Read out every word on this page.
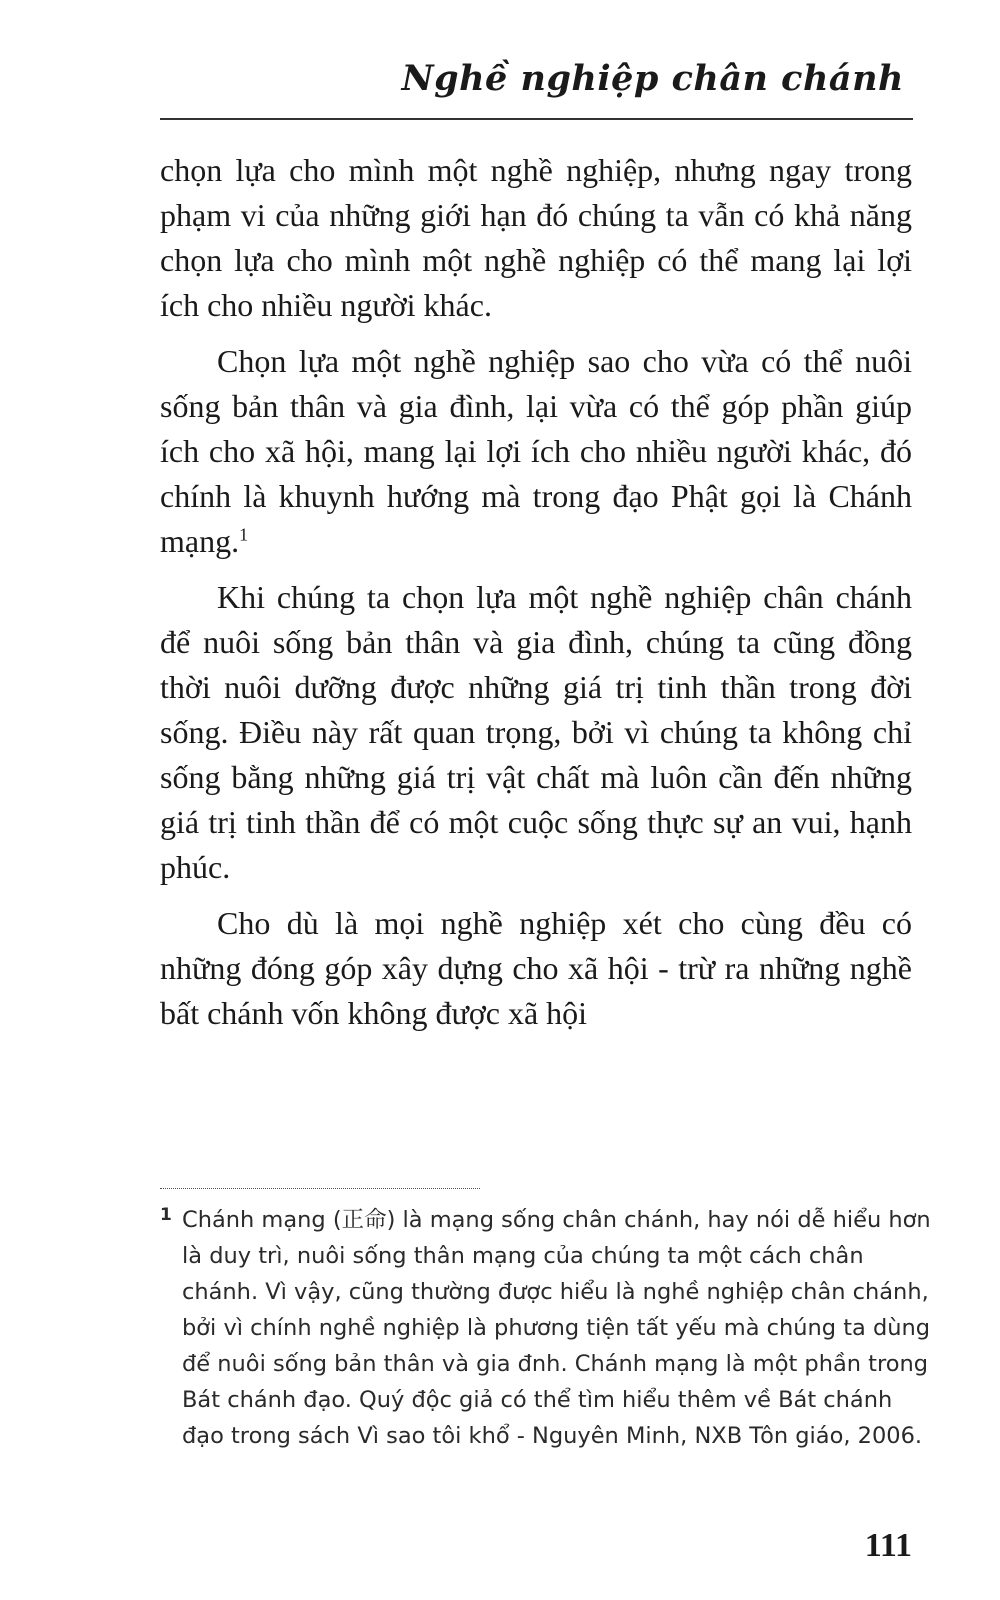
Nghề nghiệp chân chánh

chọn lựa cho mình một nghề nghiệp, nhưng ngay trong phạm vi của những giới hạn đó chúng ta vẫn có khả năng chọn lựa cho mình một nghề nghiệp có thể mang lại lợi ích cho nhiều người khác.

Chọn lựa một nghề nghiệp sao cho vừa có thể nuôi sống bản thân và gia đình, lại vừa có thể góp phần giúp ích cho xã hội, mang lại lợi ích cho nhiều người khác, đó chính là khuynh hướng mà trong đạo Phật gọi là Chánh mạng.$^1$

Khi chúng ta chọn lựa một nghề nghiệp chân chánh để nuôi sống bản thân và gia đình, chúng ta cũng đồng thời nuôi dưỡng được những giá trị tinh thần trong đời sống. Điều này rất quan trọng, bởi vì chúng ta không chỉ sống bằng những giá trị vật chất mà luôn cần đến những giá trị tinh thần để có một cuộc sống thực sự an vui, hạnh phúc.

Cho dù là mọi nghề nghiệp xét cho cùng đều có những đóng góp xây dựng cho xã hội - trừ ra những nghề bất chánh vốn không được xã hội

1 Chánh mạng (正命) là mạng sống chân chánh, hay nói dễ hiểu hơn là duy trì, nuôi sống thân mạng của chúng ta một cách chân chánh. Vì vậy, cũng thường được hiểu là nghề nghiệp chân chánh, bởi vì chính nghề nghiệp là phương tiện tất yếu mà chúng ta dùng để nuôi sống bản thân và gia đnh. Chánh mạng là một phần trong Bát chánh đạo. Quý độc giả có thể tìm hiểu thêm về Bát chánh đạo trong sách Vì sao tôi khổ - Nguyên Minh, NXB Tôn giáo, 2006.
111
